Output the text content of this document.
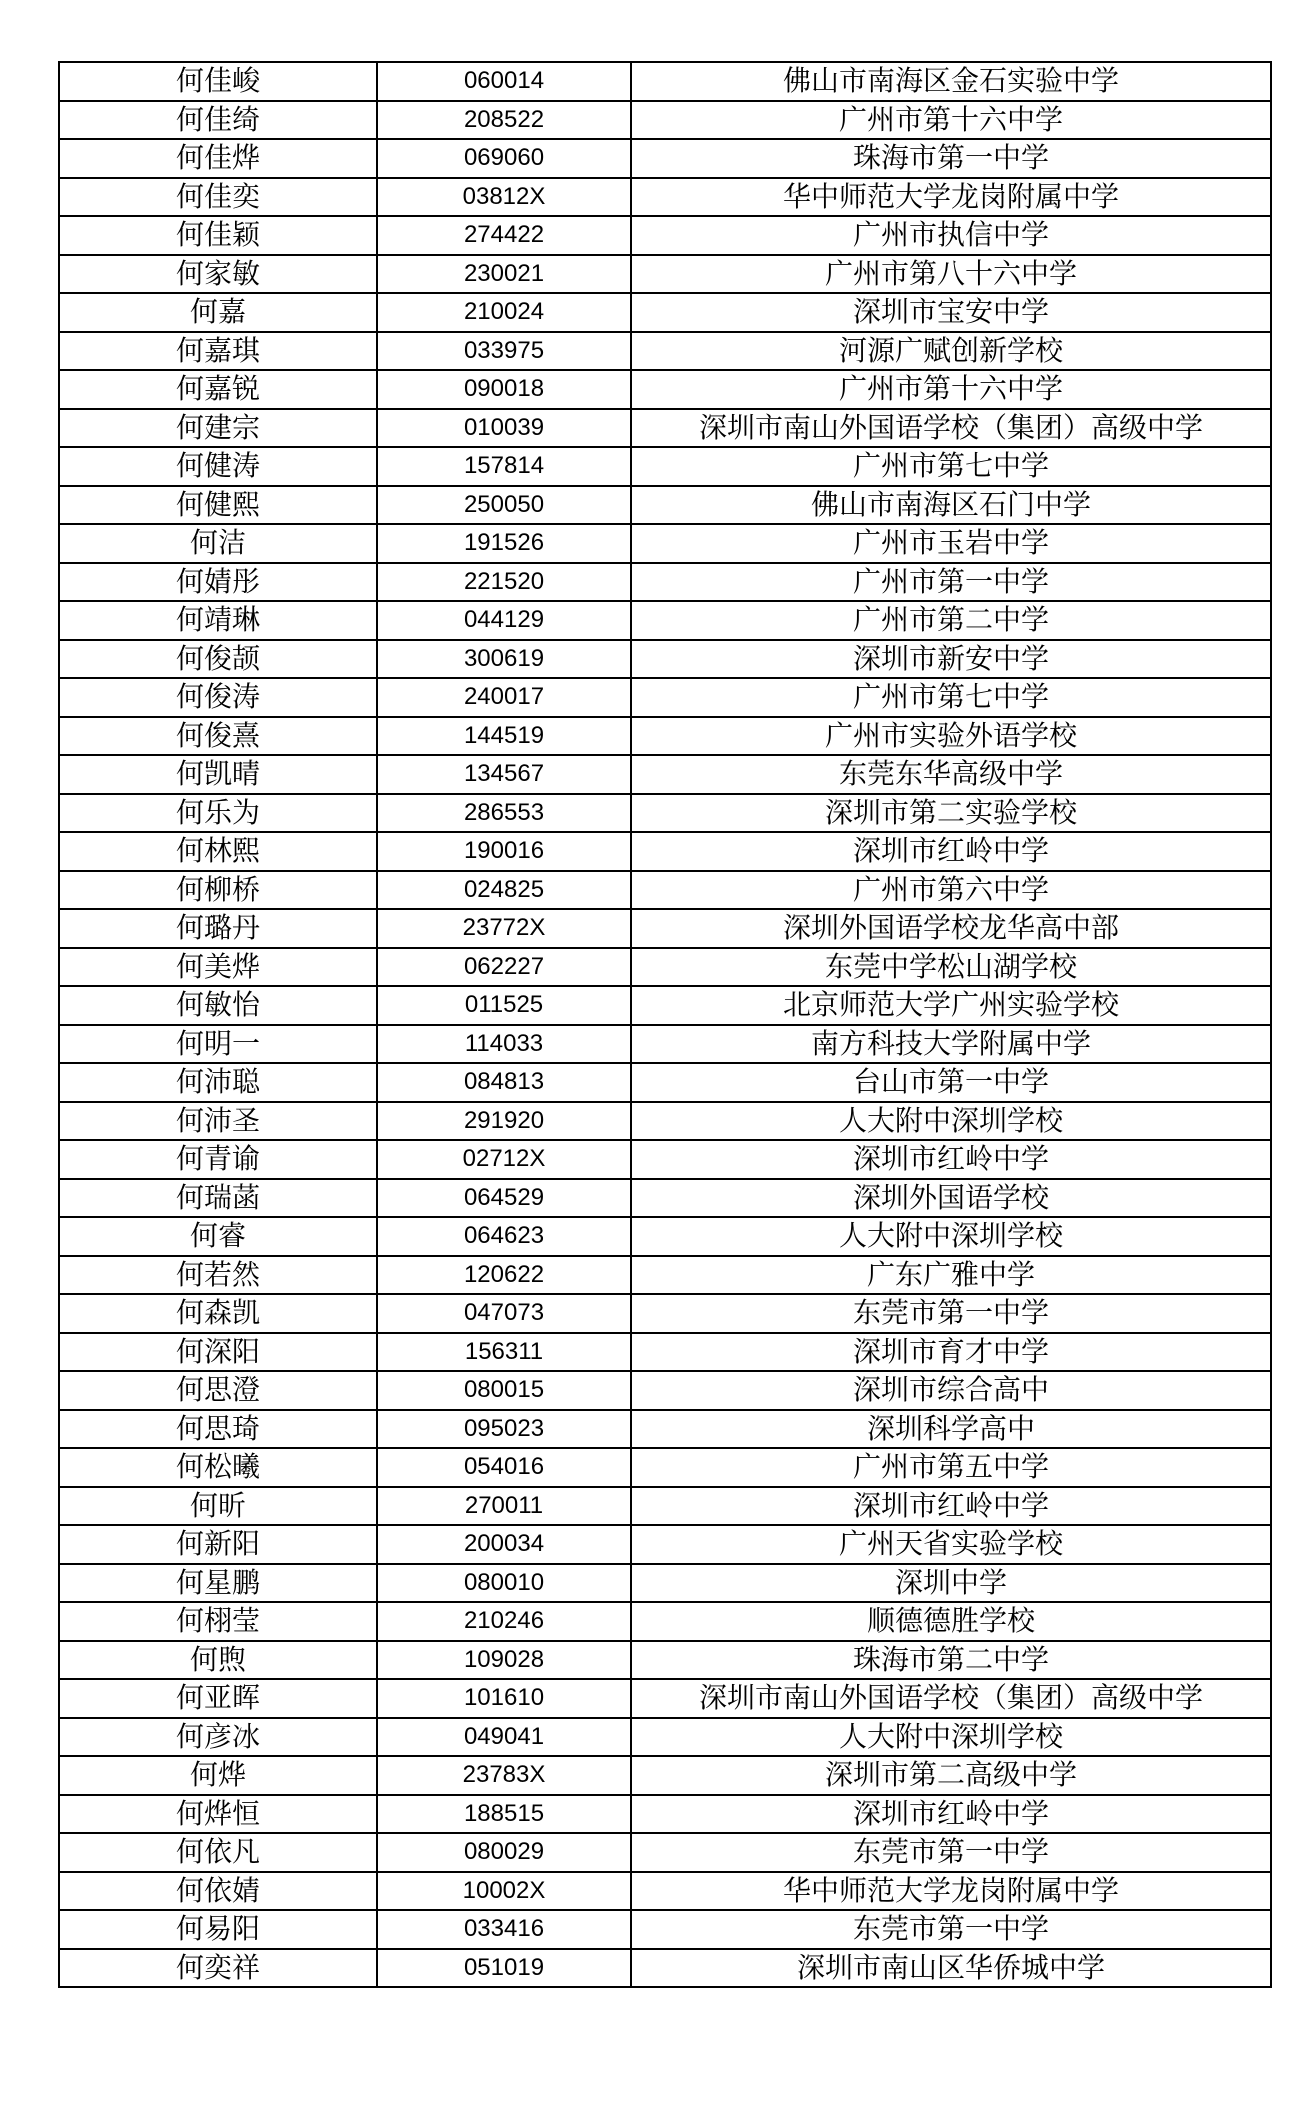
何佳峻	060014	佛山市南海区金石实验中学
何佳绮	208522	广州市第十六中学
何佳烨	069060	珠海市第一中学
何佳奕	03812X	华中师范大学龙岗附属中学
何佳颖	274422	广州市执信中学
何家敏	230021	广州市第八十六中学
何嘉	210024	深圳市宝安中学
何嘉琪	033975	河源广赋创新学校
何嘉锐	090018	广州市第十六中学
何建宗	010039	深圳市南山外国语学校（集团）高级中学
何健涛	157814	广州市第七中学
何健熙	250050	佛山市南海区石门中学
何洁	191526	广州市玉岩中学
何婧彤	221520	广州市第一中学
何靖琳	044129	广州市第二中学
何俊颉	300619	深圳市新安中学
何俊涛	240017	广州市第七中学
何俊熹	144519	广州市实验外语学校
何凯晴	134567	东莞东华高级中学
何乐为	286553	深圳市第二实验学校
何林熙	190016	深圳市红岭中学
何柳桥	024825	广州市第六中学
何璐丹	23772X	深圳外国语学校龙华高中部
何美烨	062227	东莞中学松山湖学校
何敏怡	011525	北京师范大学广州实验学校
何明一	114033	南方科技大学附属中学
何沛聪	084813	台山市第一中学
何沛圣	291920	人大附中深圳学校
何青谕	02712X	深圳市红岭中学
何瑞菡	064529	深圳外国语学校
何睿	064623	人大附中深圳学校
何若然	120622	广东广雅中学
何森凯	047073	东莞市第一中学
何深阳	156311	深圳市育才中学
何思澄	080015	深圳市综合高中
何思琦	095023	深圳科学高中
何松曦	054016	广州市第五中学
何昕	270011	深圳市红岭中学
何新阳	200034	广州天省实验学校
何星鹏	080010	深圳中学
何栩莹	210246	顺德德胜学校
何煦	109028	珠海市第二中学
何亚晖	101610	深圳市南山外国语学校（集团）高级中学
何彦冰	049041	人大附中深圳学校
何烨	23783X	深圳市第二高级中学
何烨恒	188515	深圳市红岭中学
何依凡	080029	东莞市第一中学
何依婧	10002X	华中师范大学龙岗附属中学
何易阳	033416	东莞市第一中学
何奕祥	051019	深圳市南山区华侨城中学
